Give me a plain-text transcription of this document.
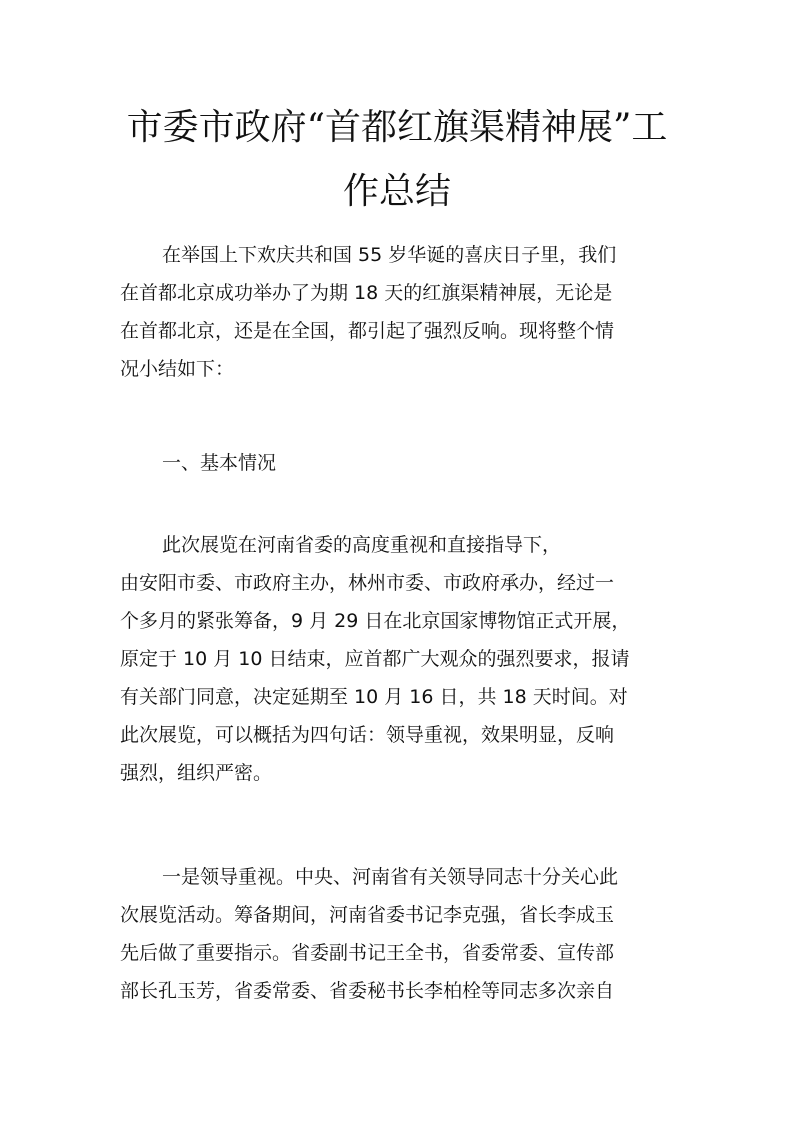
市委市政府“首都红旗渠精神展”工
作总结
在举国上下欢庆共和国 55 岁华诞的喜庆日子里，我们
在首都北京成功举办了为期 18 天的红旗渠精神展，无论是
在首都北京，还是在全国，都引起了强烈反响。现将整个情
况小结如下：
一、基本情况
此次展览在河南省委的高度重视和直接指导下，
由安阳市委、市政府主办，林州市委、市政府承办，经过一
个多月的紧张筹备，9 月 29 日在北京国家博物馆正式开展，
原定于 10 月 10 日结束，应首都广大观众的强烈要求，报请
有关部门同意，决定延期至 10 月 16 日，共 18 天时间。对
此次展览，可以概括为四句话：领导重视，效果明显，反响
强烈，组织严密。
一是领导重视。中央、河南省有关领导同志十分关心此
次展览活动。筹备期间，河南省委书记李克强，省长李成玉
先后做了重要指示。省委副书记王全书，省委常委、宣传部
部长孔玉芳，省委常委、省委秘书长李柏栓等同志多次亲自
